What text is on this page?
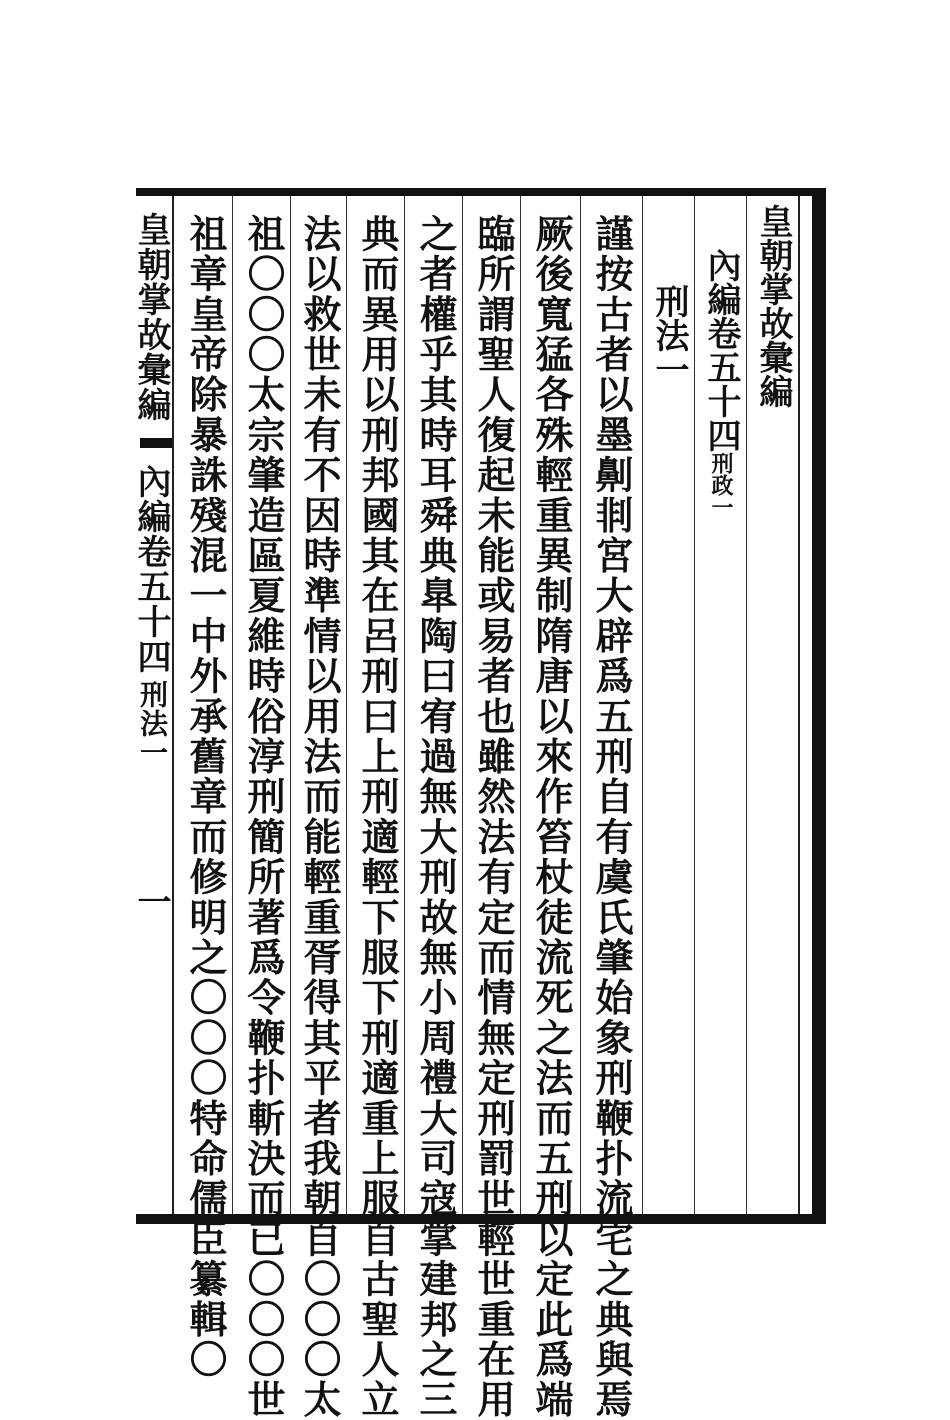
皇朝掌故彙編
內編卷五十四刑政一
刑法一
謹按古者以墨劓剕宮大辟爲五刑自有虞氏肇始象刑鞭扑流宅之典與焉
厥後寬猛各殊輕重異制隋唐以來作笞杖徒流死之法而五刑以定此爲端
臨所謂聖人復起未能或易者也雖然法有定而情無定刑罰世輕世重在用
之者權乎其時耳舜典臯陶曰宥過無大刑故無小周禮大司寇掌建邦之三
典而異用以刑邦國其在呂刑曰上刑適輕下服下刑適重上服自古聖人立
法以救世未有不因時準情以用法而能輕重胥得其平者我朝自〇〇〇太
祖〇〇〇太宗肇造區夏維時俗淳刑簡所著爲令鞭扑斬決而已〇〇〇世
祖章皇帝除暴誅殘混一中外承舊章而修明之〇〇〇特命儒臣纂輯〇
皇朝掌故彙編
內編卷五十四
刑法一
一
